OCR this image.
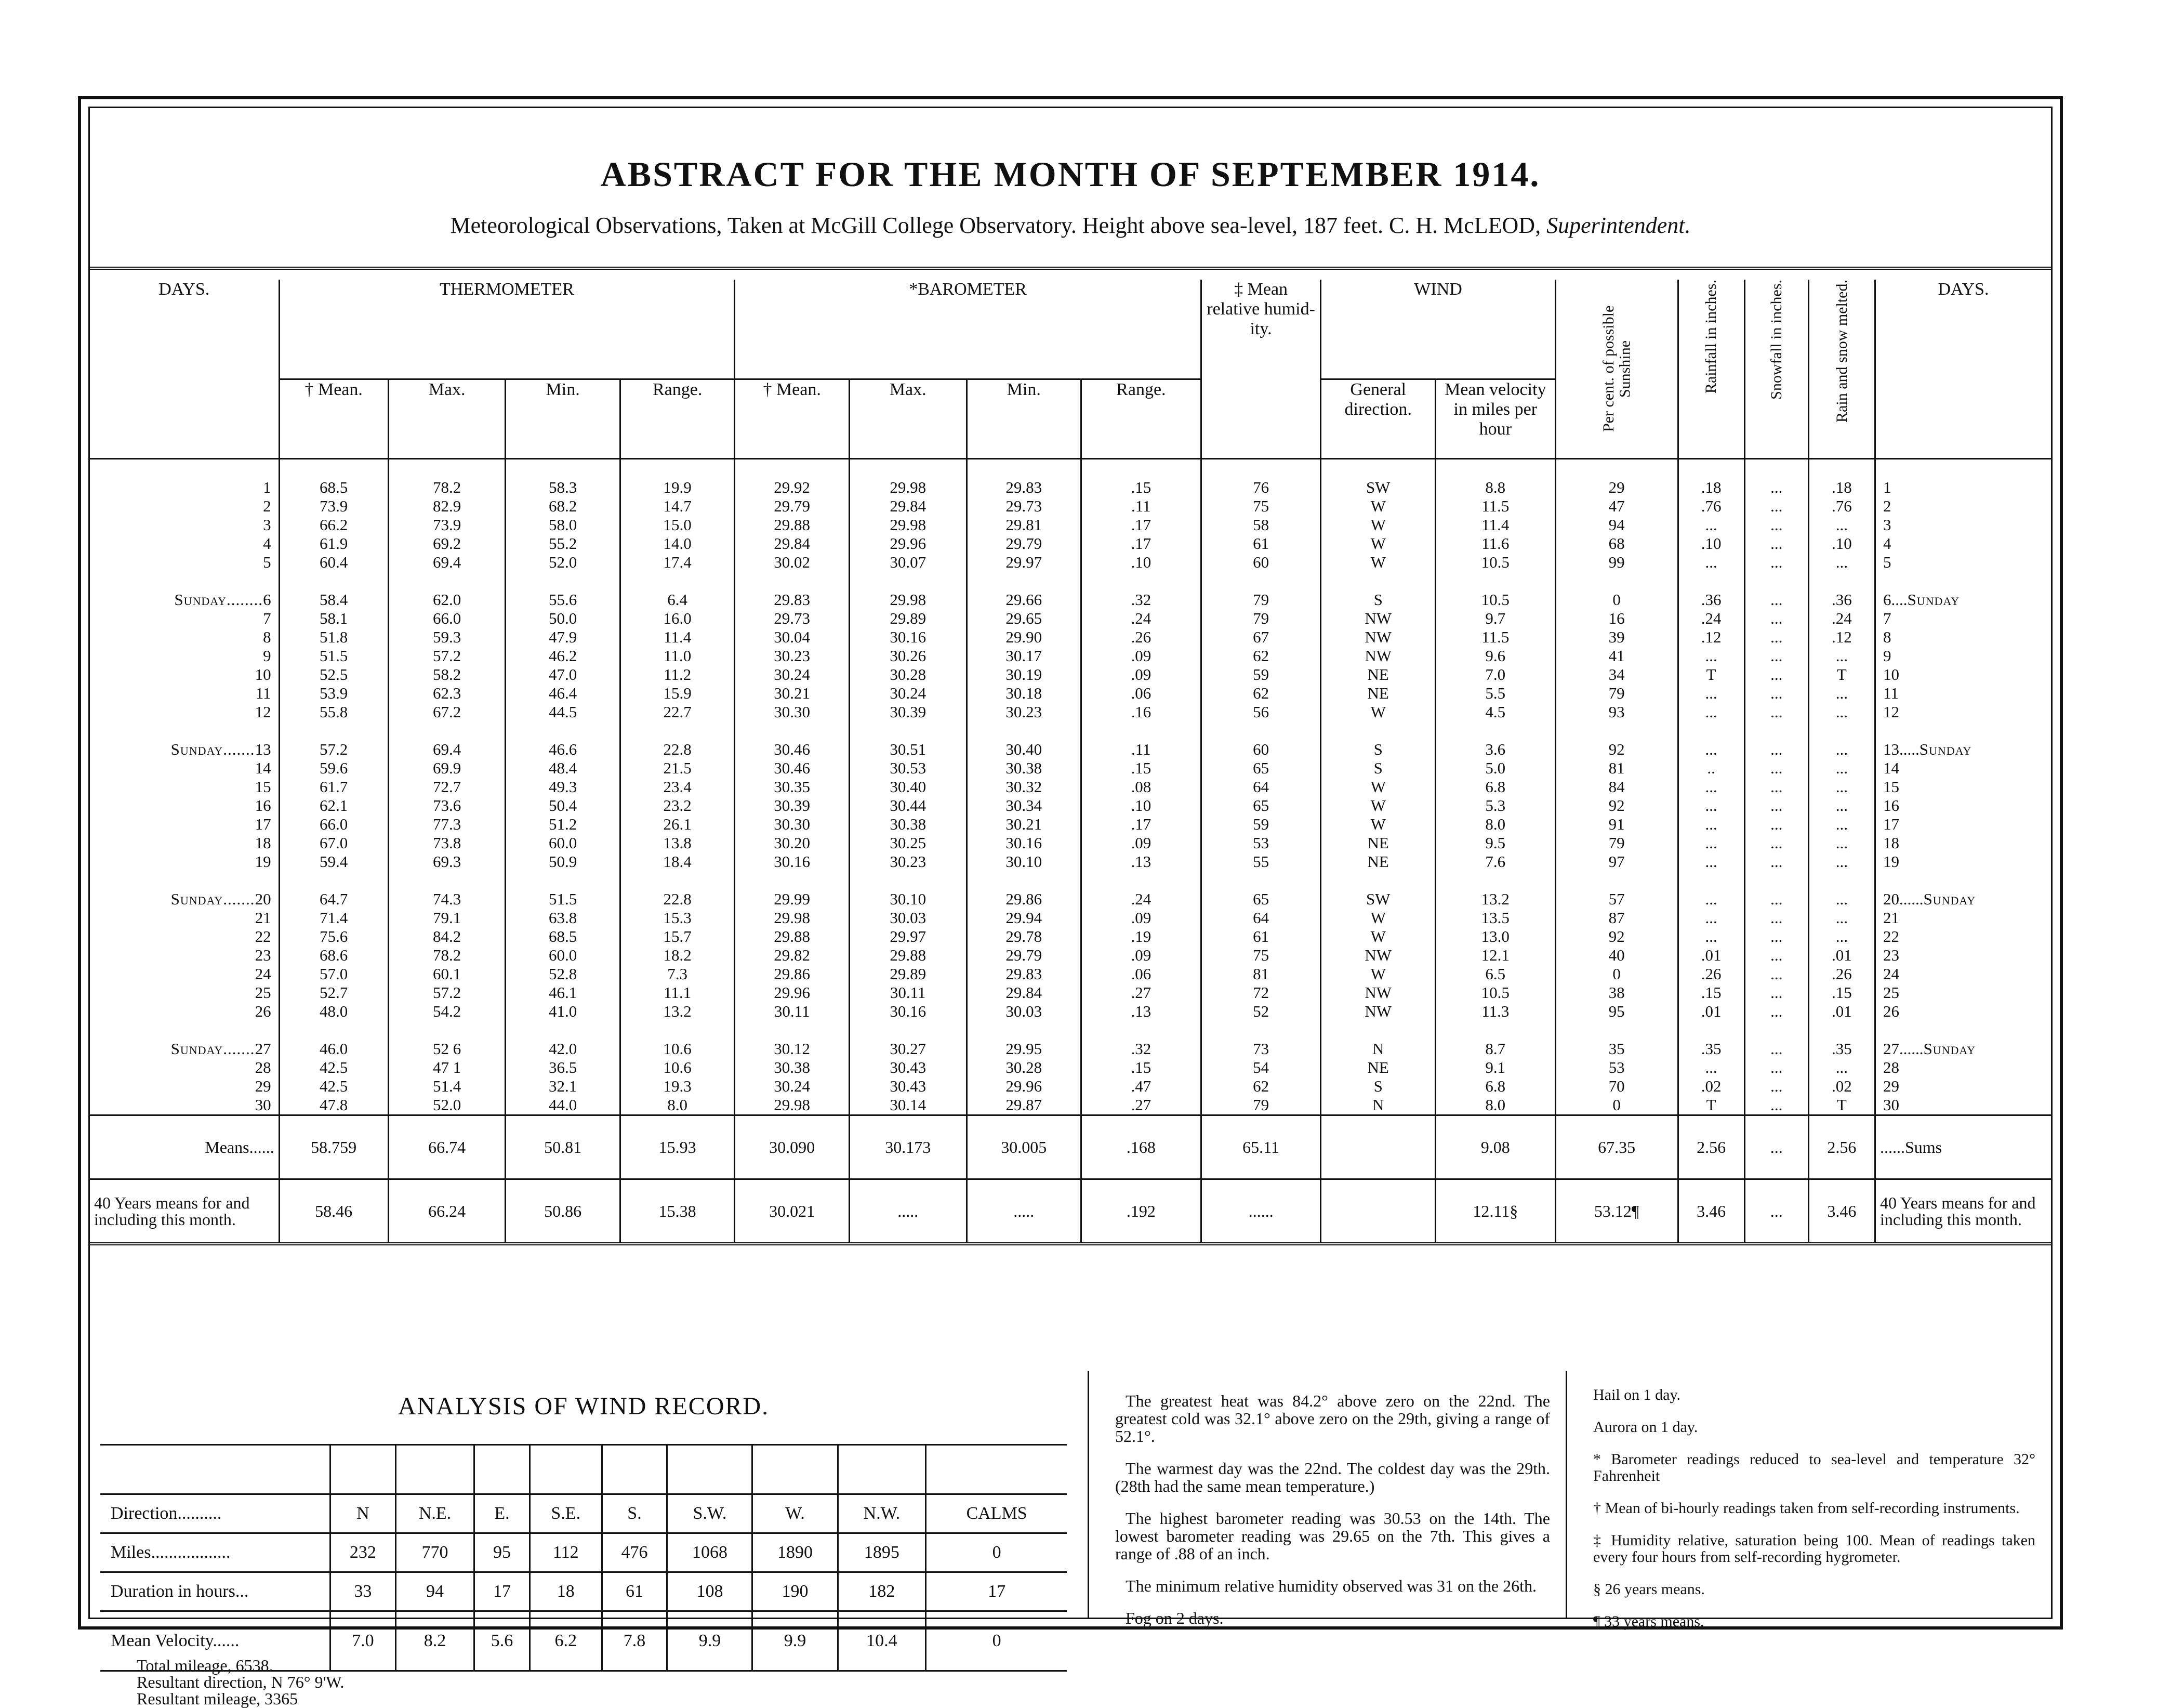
ABSTRACT FOR THE MONTH OF SEPTEMBER 1914.
Meteorological Observations, Taken at McGill College Observatory. Height above sea-level, 187 feet. C. H. McLEOD, Superintendent.
DAYS.	THERMOMETER				*BAROMETER				‡ Mean relative humid-ity.	WIND		Per cent. of possible Sunshine	Rainfall in inches.	Snowfall in inches.	Rain and snow melted.	DAYS.
	† Mean.	Max.	Min.	Range.	† Mean.	Max.	Min.	Range.		General direction.	Mean velocity in miles per hour					
1	68.5	78.2	58.3	19.9	29.92	29.98	29.83	.15	76	SW	8.8	29	.18	...	.18	1
2	73.9	82.9	68.2	14.7	29.79	29.84	29.73	.11	75	W	11.5	47	.76	...	.76	2
3	66.2	73.9	58.0	15.0	29.88	29.98	29.81	.17	58	W	11.4	94	...	...	...	3
4	61.9	69.2	55.2	14.0	29.84	29.96	29.79	.17	61	W	11.6	68	.10	...	.10	4
5	60.4	69.4	52.0	17.4	30.02	30.07	29.97	.10	60	W	10.5	99	...	...	...	5
Sunday........6	58.4	62.0	55.6	6.4	29.83	29.98	29.66	.32	79	S	10.5	0	.36	...	.36	6....Sunday
7	58.1	66.0	50.0	16.0	29.73	29.89	29.65	.24	79	NW	9.7	16	.24	...	.24	7
8	51.8	59.3	47.9	11.4	30.04	30.16	29.90	.26	67	NW	11.5	39	.12	...	.12	8
9	51.5	57.2	46.2	11.0	30.23	30.26	30.17	.09	62	NW	9.6	41	...	...	...	9
10	52.5	58.2	47.0	11.2	30.24	30.28	30.19	.09	59	NE	7.0	34	T	...	T	10
11	53.9	62.3	46.4	15.9	30.21	30.24	30.18	.06	62	NE	5.5	79	...	...	...	11
12	55.8	67.2	44.5	22.7	30.30	30.39	30.23	.16	56	W	4.5	93	...	...	...	12
Sunday.......13	57.2	69.4	46.6	22.8	30.46	30.51	30.40	.11	60	S	3.6	92	...	...	...	13.....Sunday
14	59.6	69.9	48.4	21.5	30.46	30.53	30.38	.15	65	S	5.0	81	..	...	...	14
15	61.7	72.7	49.3	23.4	30.35	30.40	30.32	.08	64	W	6.8	84	...	...	...	15
16	62.1	73.6	50.4	23.2	30.39	30.44	30.34	.10	65	W	5.3	92	...	...	...	16
17	66.0	77.3	51.2	26.1	30.30	30.38	30.21	.17	59	W	8.0	91	...	...	...	17
18	67.0	73.8	60.0	13.8	30.20	30.25	30.16	.09	53	NE	9.5	79	...	...	...	18
19	59.4	69.3	50.9	18.4	30.16	30.23	30.10	.13	55	NE	7.6	97	...	...	...	19
Sunday.......20	64.7	74.3	51.5	22.8	29.99	30.10	29.86	.24	65	SW	13.2	57	...	...	...	20......Sunday
21	71.4	79.1	63.8	15.3	29.98	30.03	29.94	.09	64	W	13.5	87	...	...	...	21
22	75.6	84.2	68.5	15.7	29.88	29.97	29.78	.19	61	W	13.0	92	...	...	...	22
23	68.6	78.2	60.0	18.2	29.82	29.88	29.79	.09	75	NW	12.1	40	.01	...	.01	23
24	57.0	60.1	52.8	7.3	29.86	29.89	29.83	.06	81	W	6.5	0	.26	...	.26	24
25	52.7	57.2	46.1	11.1	29.96	30.11	29.84	.27	72	NW	10.5	38	.15	...	.15	25
26	48.0	54.2	41.0	13.2	30.11	30.16	30.03	.13	52	NW	11.3	95	.01	...	.01	26
Sunday.......27	46.0	52 6	42.0	10.6	30.12	30.27	29.95	.32	73	N	8.7	35	.35	...	.35	27......Sunday
28	42.5	47 1	36.5	10.6	30.38	30.43	30.28	.15	54	NE	9.1	53	...	...	...	28
29	42.5	51.4	32.1	19.3	30.24	30.43	29.96	.47	62	S	6.8	70	.02	...	.02	29
30	47.8	52.0	44.0	8.0	29.98	30.14	29.87	.27	79	N	8.0	0	T	...	T	30
Means......	58.759	66.74	50.81	15.93	30.090	30.173	30.005	.168	65.11		9.08	67.35	2.56	...	2.56	......Sums
40 Years means for and including this month.	58.46	66.24	50.86	15.38	30.021	.....	.....	.192	......		12.11§	53.12¶	3.46	...	3.46	40 Years means for and including this month.
ANALYSIS OF WIND RECORD.

Direction..........	N	N.E.	E.	S.E.	S.	S.W.	W.	N.W.	CALMS
Miles..................	232	770	95	112	476	1068	1890	1895	0
Duration in hours...	33	94	17	18	61	108	190	182	17
Mean Velocity......	7.0	8.2	5.6	6.2	7.8	9.9	9.9	10.4	0
Total mileage, 6538.
Resultant direction, N 76° 9'W.
Resultant mileage, 3365

The greatest heat was 84.2° above zero on the 22nd. The greatest cold was 32.1° above zero on the 29th, giving a range of 52.1°.

The warmest day was the 22nd. The coldest day was the 29th. (28th had the same mean temperature.)

The highest barometer reading was 30.53 on the 14th. The lowest barometer reading was 29.65 on the 7th. This gives a range of .88 of an inch.

The minimum relative humidity observed was 31 on the 26th.

Fog on 2 days.

Hail on 1 day.

Aurora on 1 day.

* Barometer readings reduced to sea-level and temperature 32° Fahrenheit

† Mean of bi-hourly readings taken from self-recording instruments.

‡ Humidity relative, saturation being 100. Mean of readings taken every four hours from self-recording hygrometer.

§ 26 years means.

¶ 33 years means.
